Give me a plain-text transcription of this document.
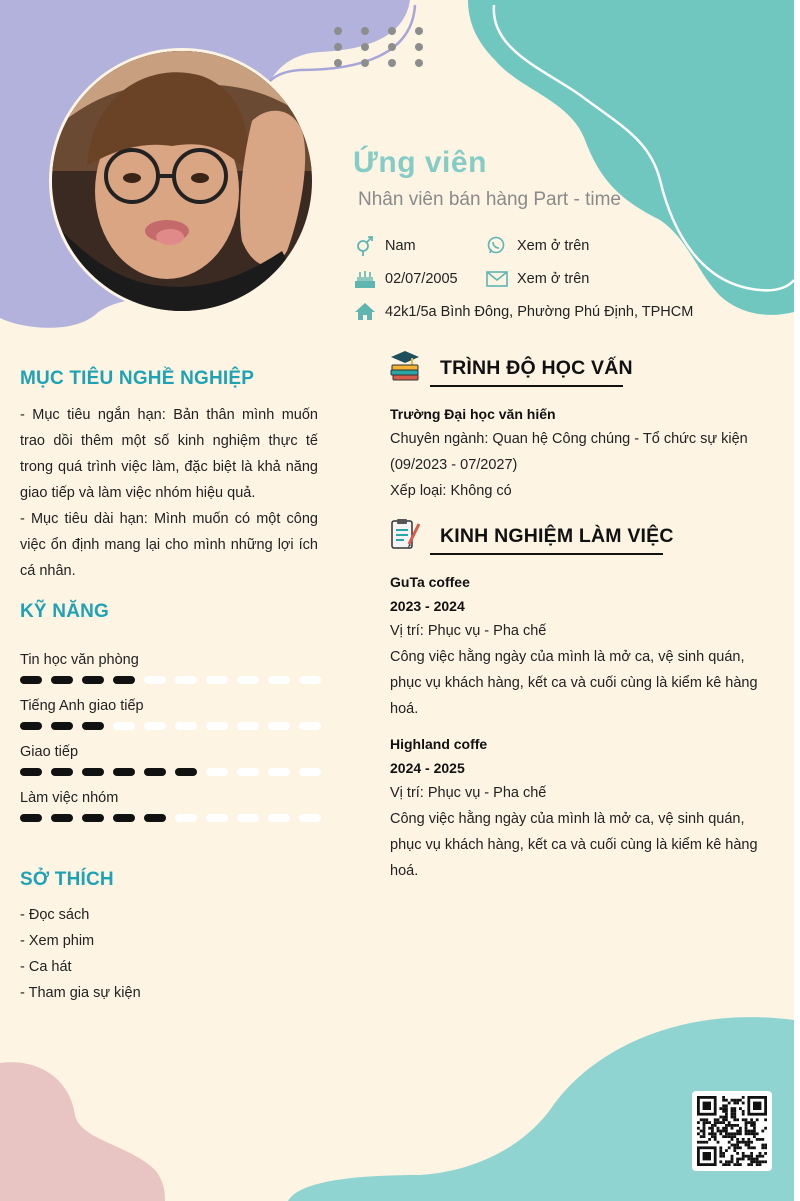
Ứng viên
Nhân viên bán hàng Part - time
Nam	Xem ở trên
02/07/2005	Xem ở trên
42k1/5a Bình Đông, Phường Phú Định, TPHCM
MỤC TIÊU NGHỀ NGHIỆP
- Mục tiêu ngắn hạn: Bản thân mình muốn trao dồi thêm một số kinh nghiệm thực tế trong quá trình việc làm, đặc biệt là khả năng giao tiếp và làm việc nhóm hiệu quả.
- Mục tiêu dài hạn: Mình muốn có một công việc ổn định mang lại cho mình những lợi ích cá nhân.
KỸ NĂNG
Tin học văn phòng
Tiếng Anh giao tiếp
Giao tiếp
Làm việc nhóm
SỞ THÍCH
- Đọc sách
- Xem phim
- Ca hát
- Tham gia sự kiện
TRÌNH ĐỘ HỌC VẤN
Trường Đại học văn hiến
Chuyên ngành: Quan hệ Công chúng - Tổ chức sự kiện
(09/2023 - 07/2027)
Xếp loại: Không có
KINH NGHIỆM LÀM VIỆC
GuTa coffee
2023 - 2024
Vị trí: Phục vụ - Pha chế
Công việc hằng ngày của mình là mở ca, vệ sinh quán, phục vụ khách hàng, kết ca và cuối cùng là kiểm kê hàng hoá.
Highland coffe
2024 - 2025
Vị trí: Phục vụ - Pha chế
Công việc hằng ngày của mình là mở ca, vệ sinh quán, phục vụ khách hàng, kết ca và cuối cùng là kiểm kê hàng hoá.
